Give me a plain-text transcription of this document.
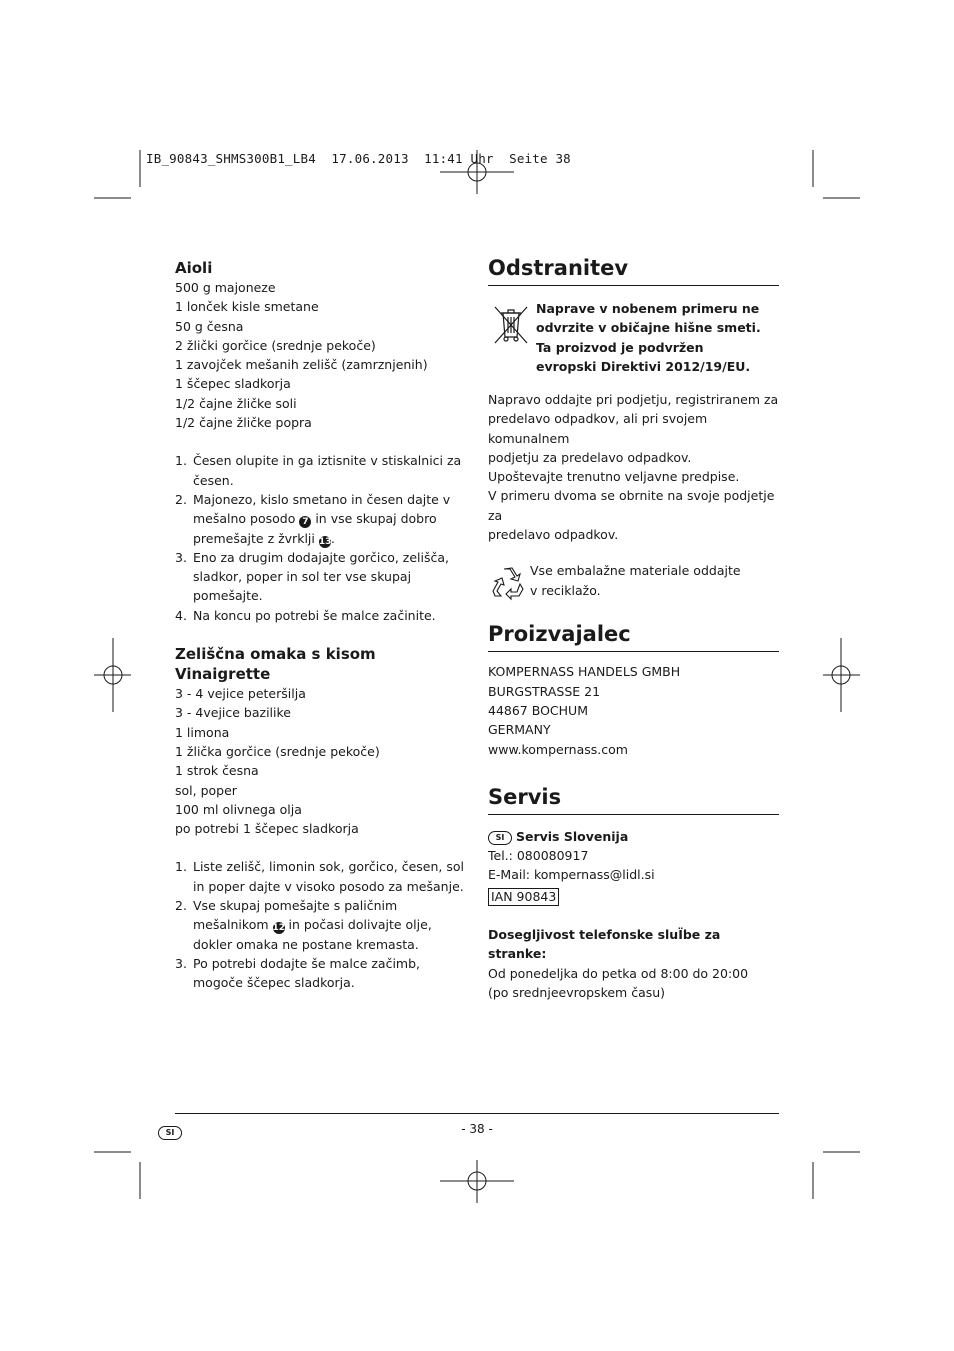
IB_90843_SHMS300B1_LB4  17.06.2013  11:41 Uhr  Seite 38
Aioli

500 g majoneze

1 lonček kisle smetane

50 g česna

2 žlički gorčice (srednje pekoče)

1 zavojček mešanih zelišč (zamrznjenih)

1 ščepec sladkorja

1/2 čajne žličke soli

1/2 čajne žličke popra

1. Česen olupite in ga iztisnite v stiskalnici za česen.
2. Majonezo, kislo smetano in česen dajte v mešalno posodo 7 in vse skupaj dobro premešajte z žvrklji 13.
3. Eno za drugim dodajajte gorčico, zelišča, sladkor, poper in sol ter vse skupaj pomešajte.
4. Na koncu po potrebi še malce začinite.
Zeliščna omaka s kisom Vinaigrette

3 - 4 vejice peteršilja

3 - 4vejice bazilike

1 limona

1 žlička gorčice (srednje pekoče)

1 strok česna

sol, poper

100 ml olivnega olja

po potrebi 1 ščepec sladkorja

1. Liste zelišč, limonin sok, gorčico, česen, sol in poper dajte v visoko posodo za mešanje.
2. Vse skupaj pomešajte s paličnim mešalnikom 12 in počasi dolivajte olje, dokler omaka ne postane kremasta.
3. Po potrebi dodajte še malce začimb, mogoče ščepec sladkorja.
Odstranitev

Naprave v nobenem primeru ne odvrzite v običajne hišne smeti. Ta proizvod je podvržen evropski Direktivi 2012/19/EU.

Napravo oddajte pri podjetju, registriranem za

predelavo odpadkov, ali pri svojem komunalnem

podjetju za predelavo odpadkov.

Upoštevajte trenutno veljavne predpise.

V primeru dvoma se obrnite na svoje podjetje za

predelavo odpadkov.

Vse embalažne materiale oddajte

v reciklažo.

Proizvajalec

KOMPERNASS HANDELS GMBH

BURGSTRASSE 21

44867 BOCHUM

GERMANY

www.kompernass.com

Servis

SI Servis Slovenija

Tel.: 080080917

E-Mail: kompernass@lidl.si

IAN 90843

Dosegljivost telefonske sluÏbe za stranke:

Od ponedeljka do petka od 8:00 do 20:00

(po srednjeevropskem času)

SI	- 38 -
